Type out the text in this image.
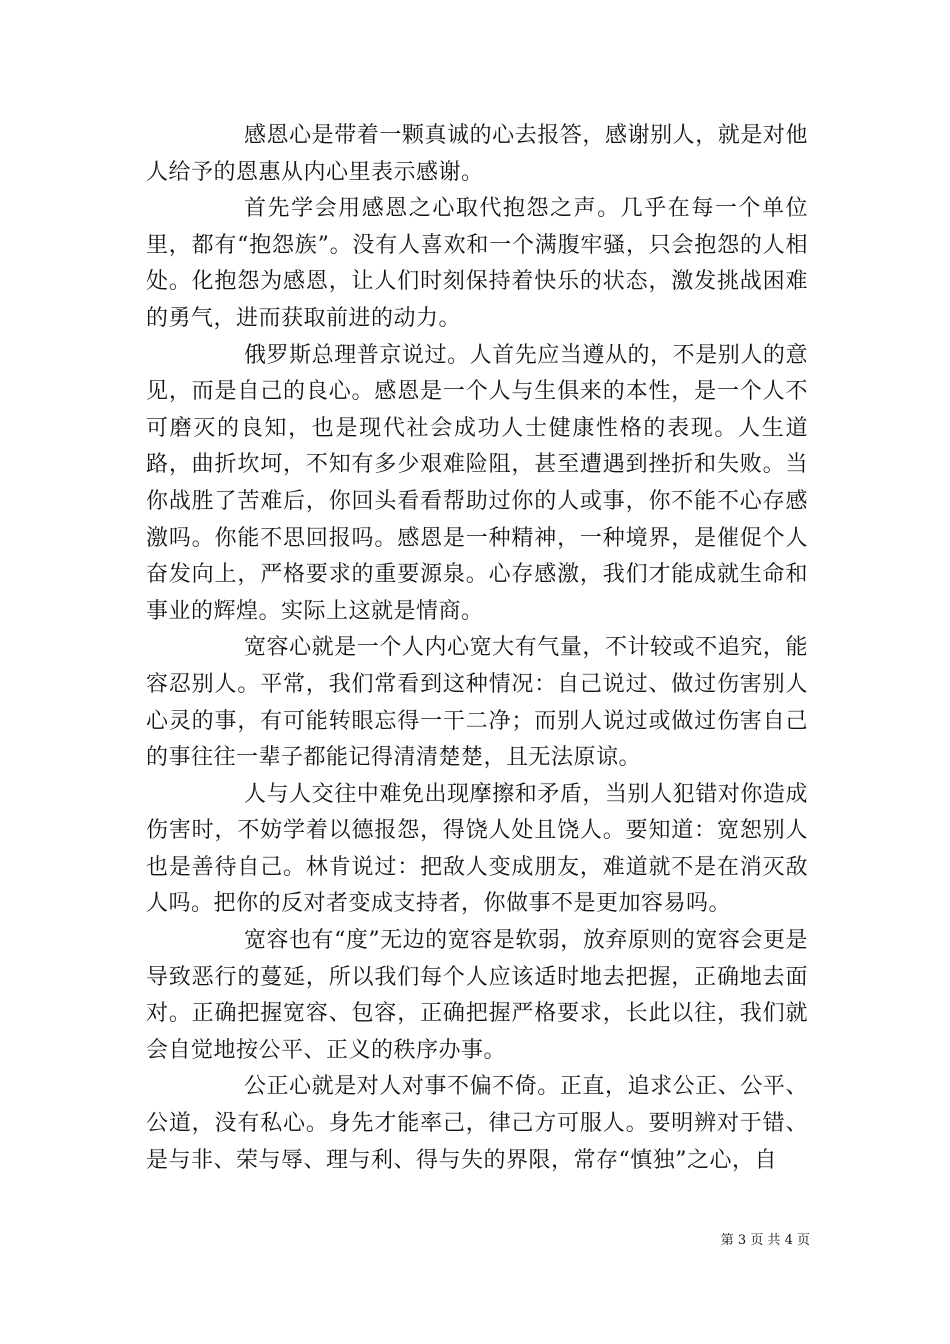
感恩心是带着一颗真诚的心去报答，感谢别人，就是对他人给予的恩惠从内心里表示感谢。

首先学会用感恩之心取代抱怨之声。几乎在每一个单位里，都有“抱怨族”。没有人喜欢和一个满腹牢骚，只会抱怨的人相处。化抱怨为感恩，让人们时刻保持着快乐的状态，激发挑战困难的勇气，进而获取前进的动力。

俄罗斯总理普京说过。人首先应当遵从的，不是别人的意见，而是自己的良心。感恩是一个人与生俱来的本性，是一个人不可磨灭的良知，也是现代社会成功人士健康性格的表现。人生道路，曲折坎坷，不知有多少艰难险阻，甚至遭遇到挫折和失败。当你战胜了苦难后，你回头看看帮助过你的人或事，你不能不心存感激吗。你能不思回报吗。感恩是一种精神，一种境界，是催促个人奋发向上，严格要求的重要源泉。心存感激，我们才能成就生命和事业的辉煌。实际上这就是情商。

宽容心就是一个人内心宽大有气量，不计较或不追究，能容忍别人。平常，我们常看到这种情况：自己说过、做过伤害别人心灵的事，有可能转眼忘得一干二净；而别人说过或做过伤害自己的事往往一辈子都能记得清清楚楚，且无法原谅。

人与人交往中难免出现摩擦和矛盾，当别人犯错对你造成伤害时，不妨学着以德报怨，得饶人处且饶人。要知道：宽恕别人也是善待自己。林肯说过：把敌人变成朋友，难道就不是在消灭敌人吗。把你的反对者变成支持者，你做事不是更加容易吗。

宽容也有“度”无边的宽容是软弱，放弃原则的宽容会更是导致恶行的蔓延，所以我们每个人应该适时地去把握，正确地去面对。正确把握宽容、包容，正确把握严格要求，长此以往，我们就会自觉地按公平、正义的秩序办事。

公正心就是对人对事不偏不倚。正直，追求公正、公平、公道，没有私心。身先才能率己，律己方可服人。要明辨对于错、是与非、荣与辱、理与利、得与失的界限，常存“慎独”之心，自

第 3 页 共 4 页
